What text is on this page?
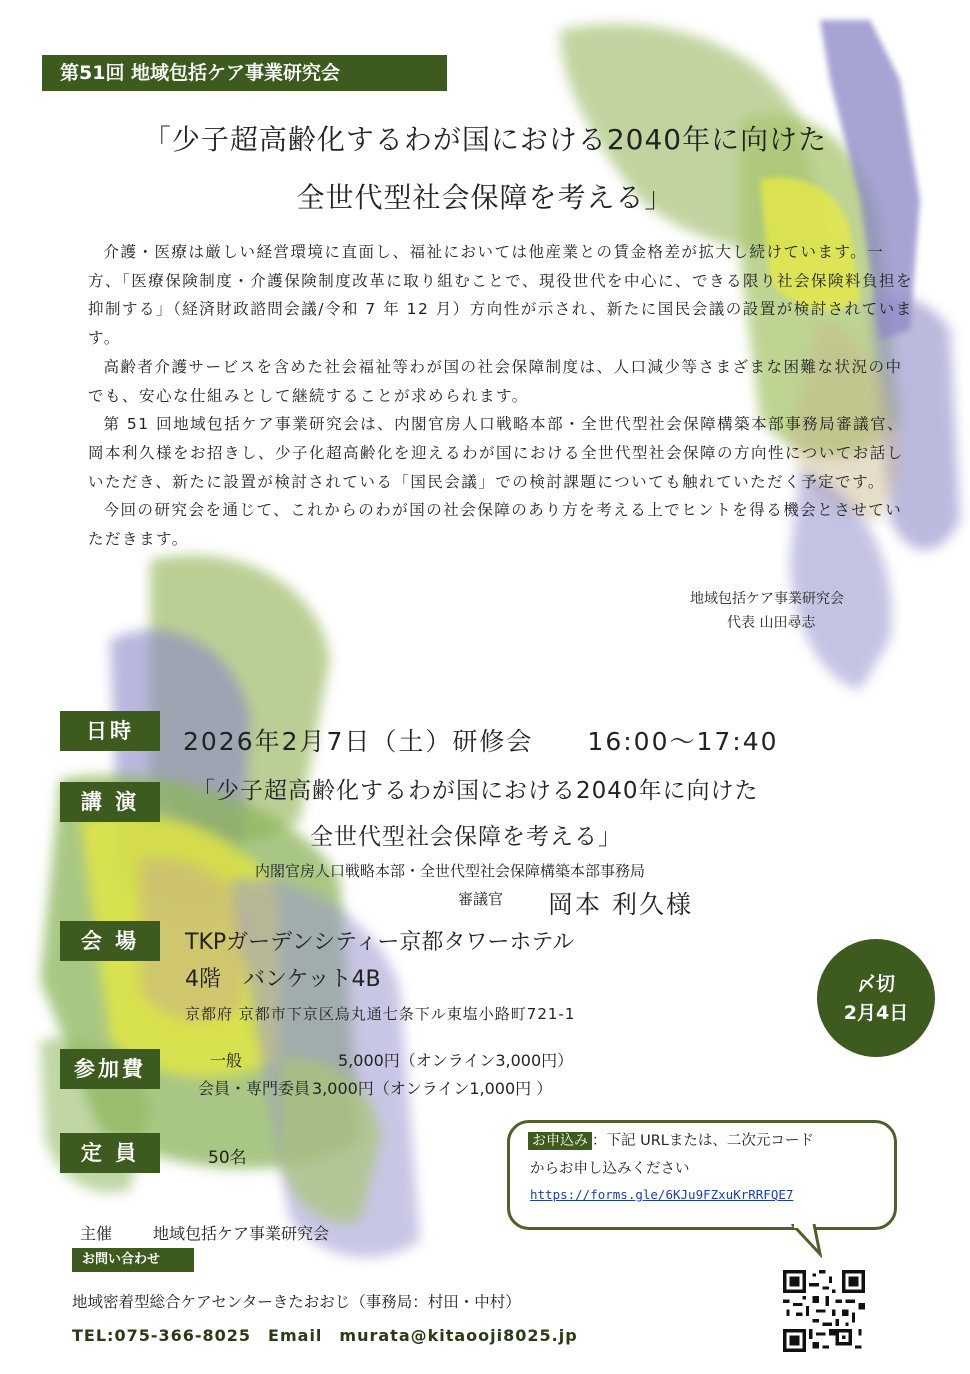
第51回 地域包括ケア事業研究会
「少子超高齢化するわが国における2040年に向けた
全世代型社会保障を考える」

介護・医療は厳しい経営環境に直面し、福祉においては他産業との賃金格差が拡大し続けています。一方、「医療保険制度・介護保険制度改革に取り組むことで、現役世代を中心に、できる限り社会保険料負担を抑制する」（経済財政諮問会議/令和 7 年 12 月）方向性が示され、新たに国民会議の設置が検討されています。

高齢者介護サービスを含めた社会福祉等わが国の社会保障制度は、人口減少等さまざまな困難な状況の中でも、安心な仕組みとして継続することが求められます。

第 51 回地域包括ケア事業研究会は、内閣官房人口戦略本部・全世代型社会保障構築本部事務局審議官、岡本利久様をお招きし、少子化超高齢化を迎えるわが国における全世代型社会保障の方向性についてお話しいただき、新たに設置が検討されている「国民会議」での検討課題についても触れていただく予定です。

今回の研究会を通じて、これからのわが国の社会保障のあり方を考える上でヒントを得る機会とさせていただきます。

地域包括ケア事業研究会
代表 山田尋志
日時	2026年2月7日（土）研修会　　16:00～17:40
講 演	「少子超高齢化するわが国における2040年に向けた
全世代型社会保障を考える」
内閣官房人口戦略本部・全世代型社会保障構築本部事務局
審議官 岡本 利久様
会 場	TKPガーデンシティー京都タワーホテル
4階　バンケット4B
京都府 京都市下京区烏丸通七条下ル東塩小路町721-1
〆切
2月4日
参加費	一般	5,000円（オンライン3,000円）
会員・専門委員 3,000円（オンライン1,000円 ）
定 員	50名
お申込み ：下記 URLまたは、二次元コード
からお申し込みください
https://forms.gle/6KJu9FZxuKrRRFQE7
主催	地域包括ケア事業研究会
お問い合わせ
地域密着型総合ケアセンターきたおおじ（事務局：村田・中村）
TEL:075-366-8025　Email　murata@kitaooji8025.jp
